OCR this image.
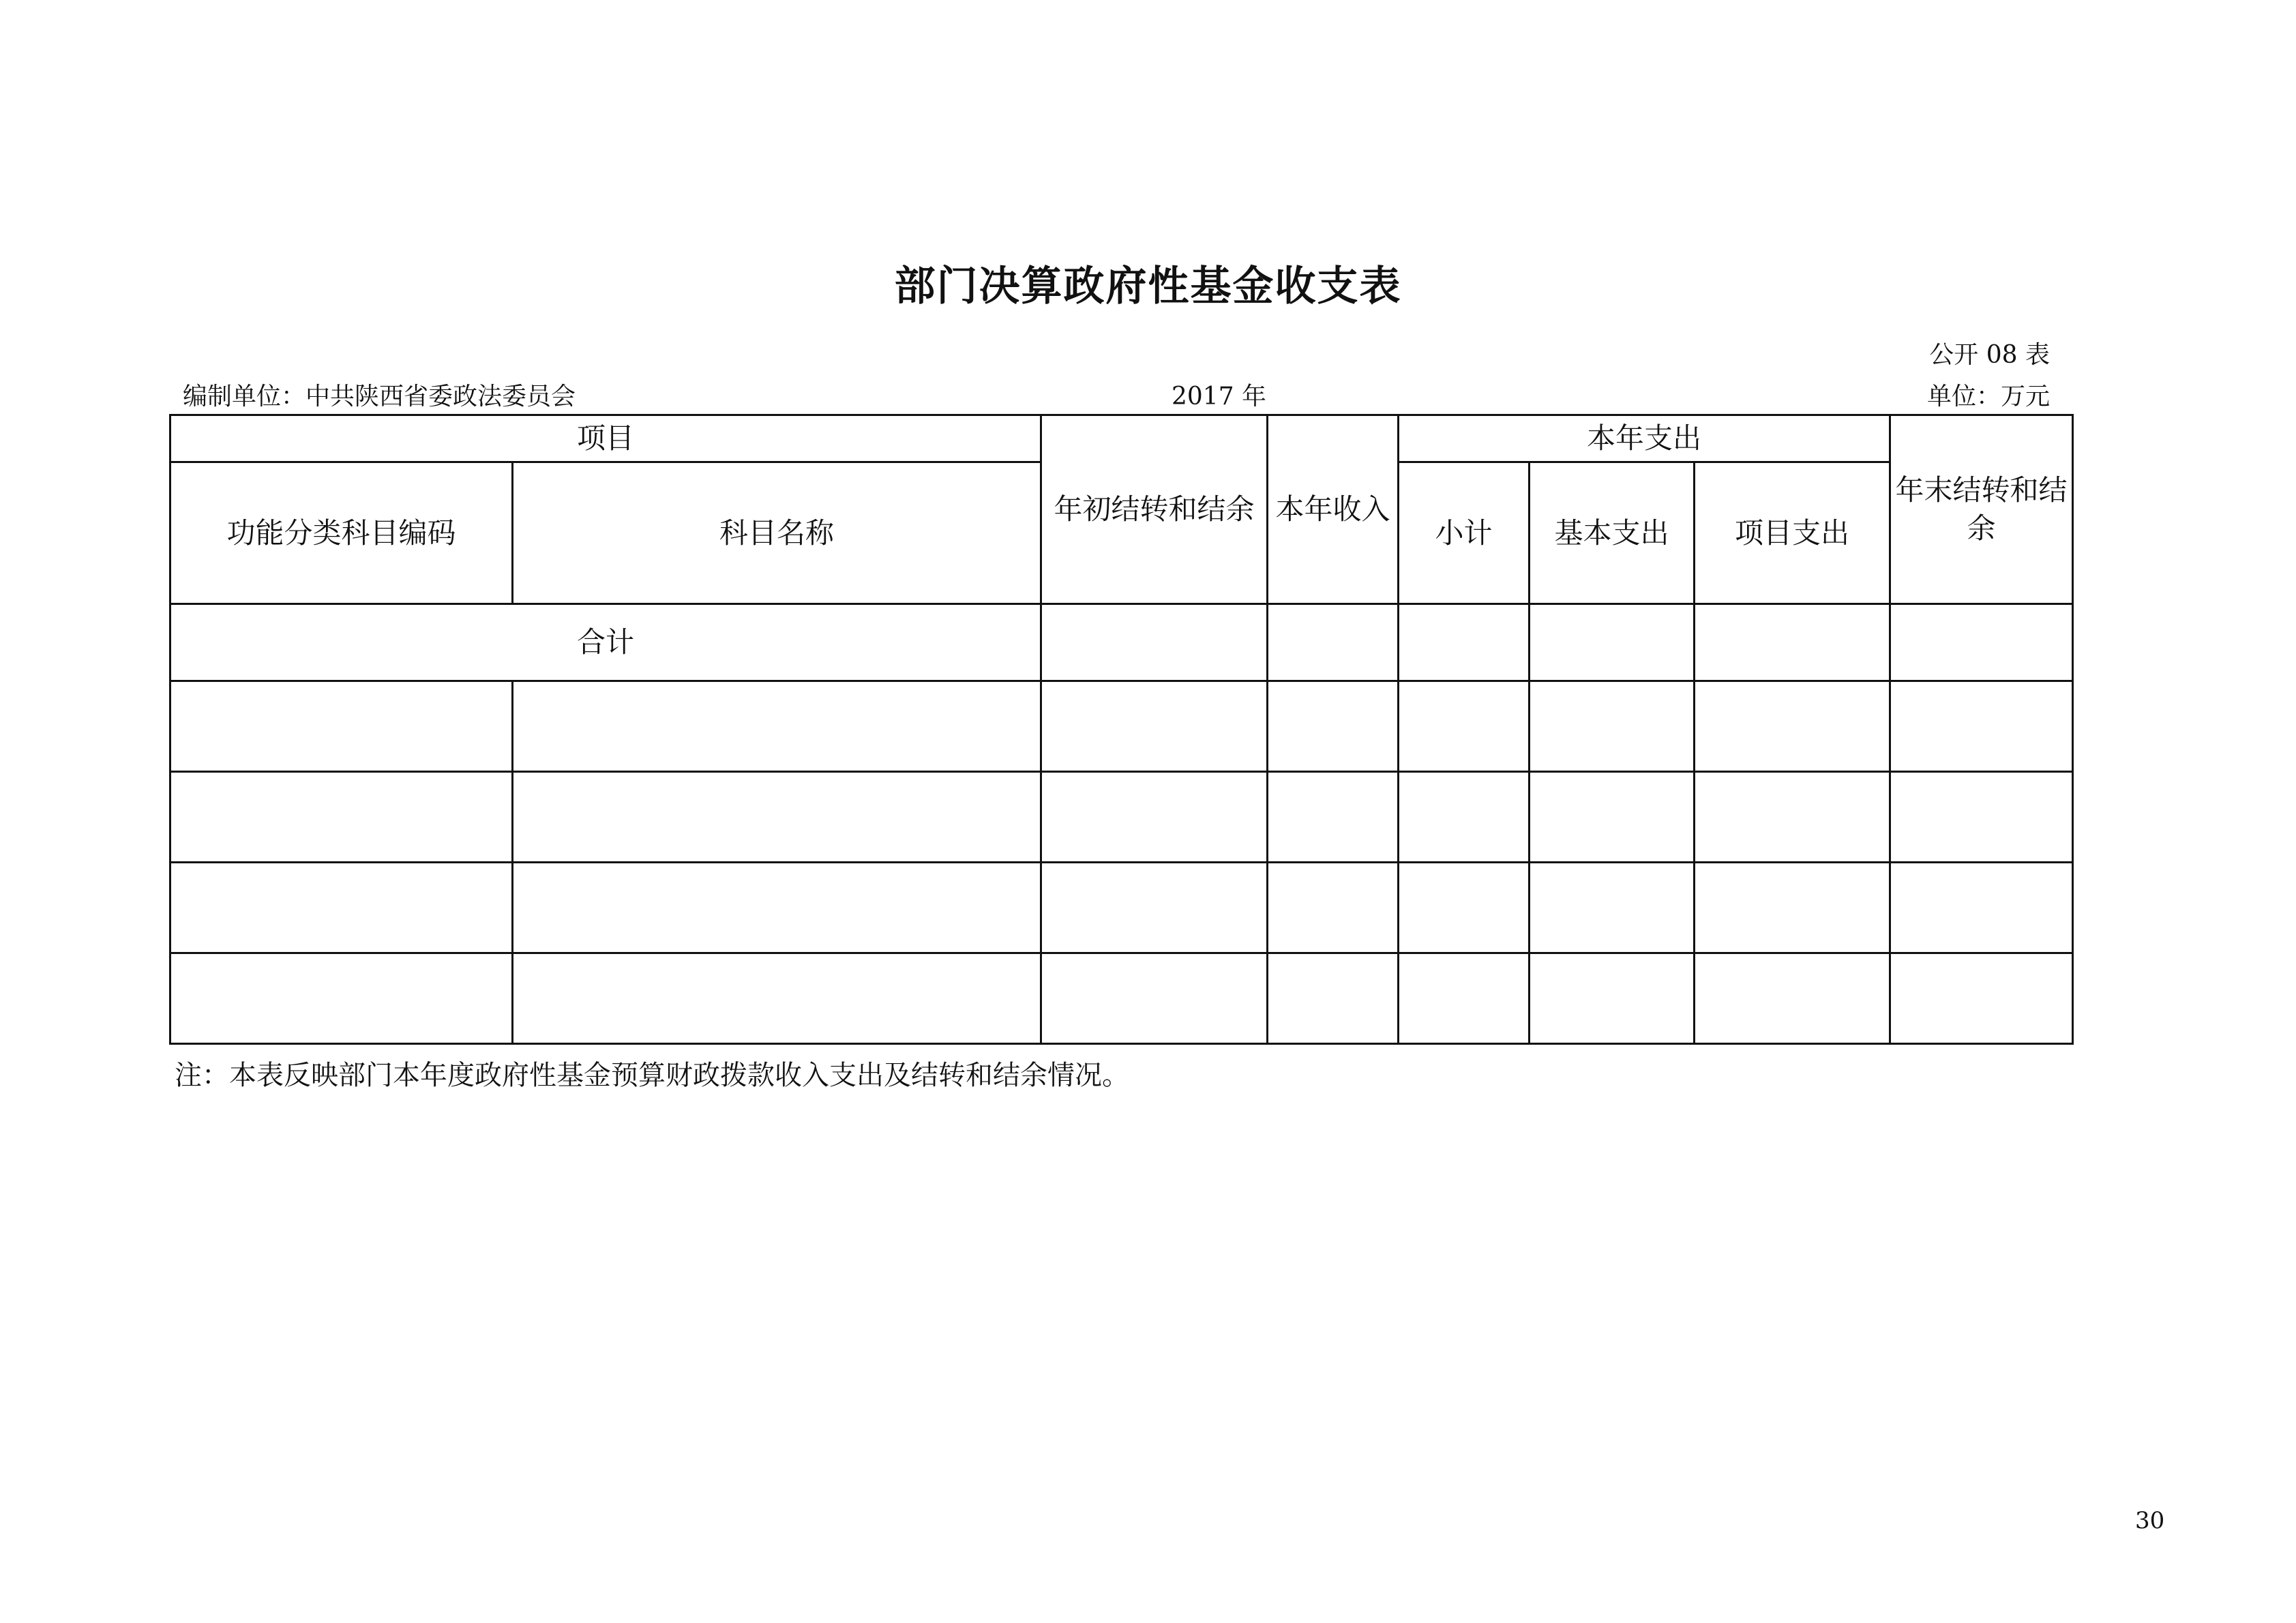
部门决算政府性基金收支表
公开 08 表
编制单位：中共陕西省委政法委员会	2017 年	单位：万元
项目		年初结转和结余	本年收入	本年支出			年末结转和结余
功能分类科目编码	科目名称			小计	基本支出	项目支出	
合计							

注：本表反映部门本年度政府性基金预算财政拨款收入支出及结转和结余情况。
30
